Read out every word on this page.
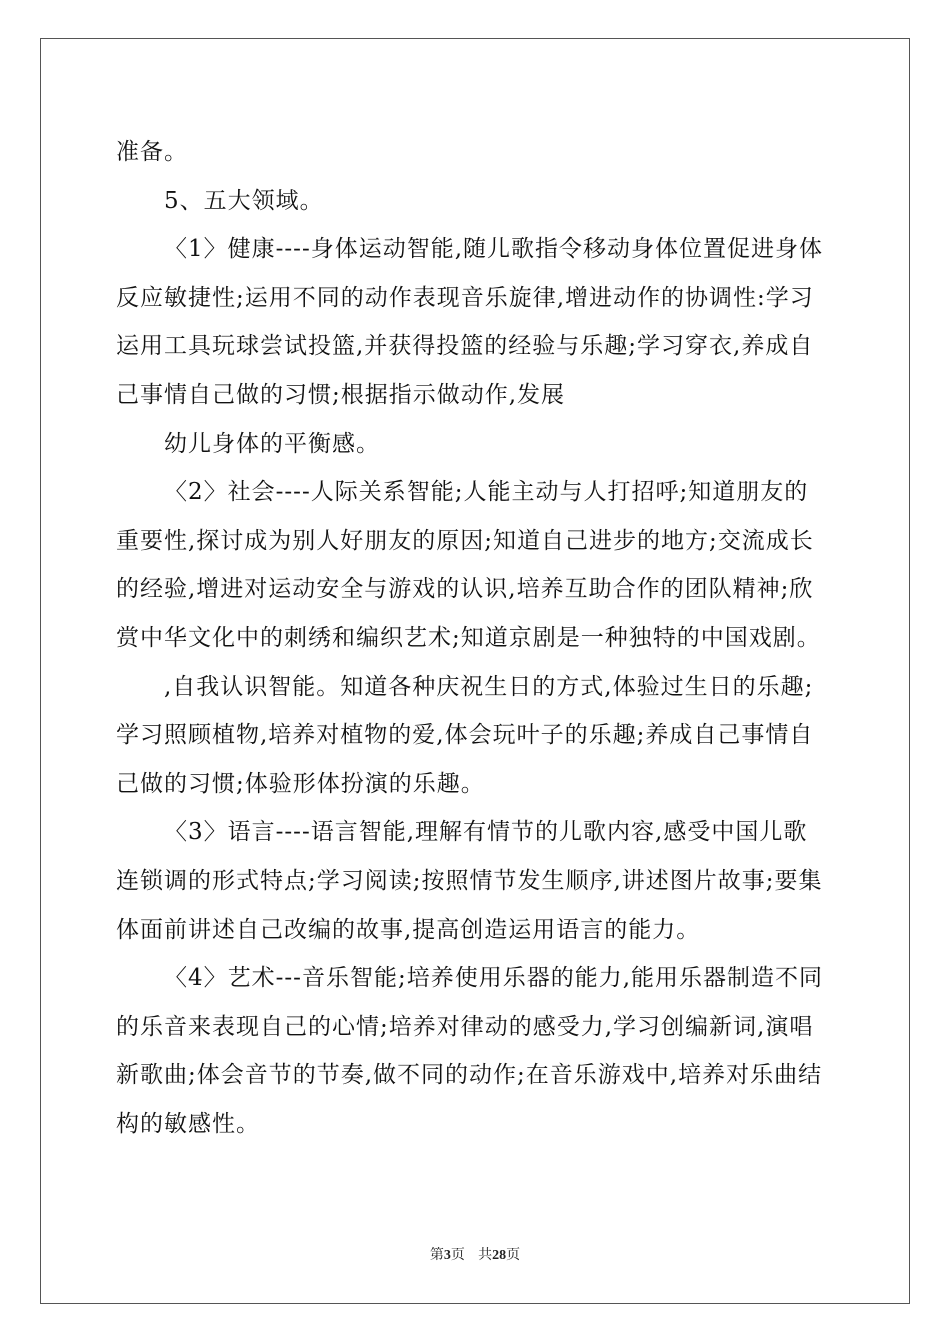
准备。

5、五大领域。

〈1〉健康----身体运动智能,随儿歌指令移动身体位置促进身体

反应敏捷性;运用不同的动作表现音乐旋律,增进动作的协调性:学习

运用工具玩球尝试投篮,并获得投篮的经验与乐趣;学习穿衣,养成自

己事情自己做的习惯;根据指示做动作,发展

幼儿身体的平衡感。

〈2〉社会----人际关系智能;人能主动与人打招呼;知道朋友的

重要性,探讨成为别人好朋友的原因;知道自己进步的地方;交流成长

的经验,增进对运动安全与游戏的认识,培养互助合作的团队精神;欣

赏中华文化中的刺绣和编织艺术;知道京剧是一种独特的中国戏剧。

,自我认识智能。知道各种庆祝生日的方式,体验过生日的乐趣;

学习照顾植物,培养对植物的爱,体会玩叶子的乐趣;养成自己事情自

己做的习惯;体验形体扮演的乐趣。

〈3〉语言----语言智能,理解有情节的儿歌内容,感受中国儿歌

连锁调的形式特点;学习阅读;按照情节发生顺序,讲述图片故事;要集

体面前讲述自己改编的故事,提高创造运用语言的能力。

〈4〉艺术---音乐智能;培养使用乐器的能力,能用乐器制造不同

的乐音来表现自己的心情;培养对律动的感受力,学习创编新词,演唱

新歌曲;体会音节的节奏,做不同的动作;在音乐游戏中,培养对乐曲结

构的敏感性。

第3页 共28页
